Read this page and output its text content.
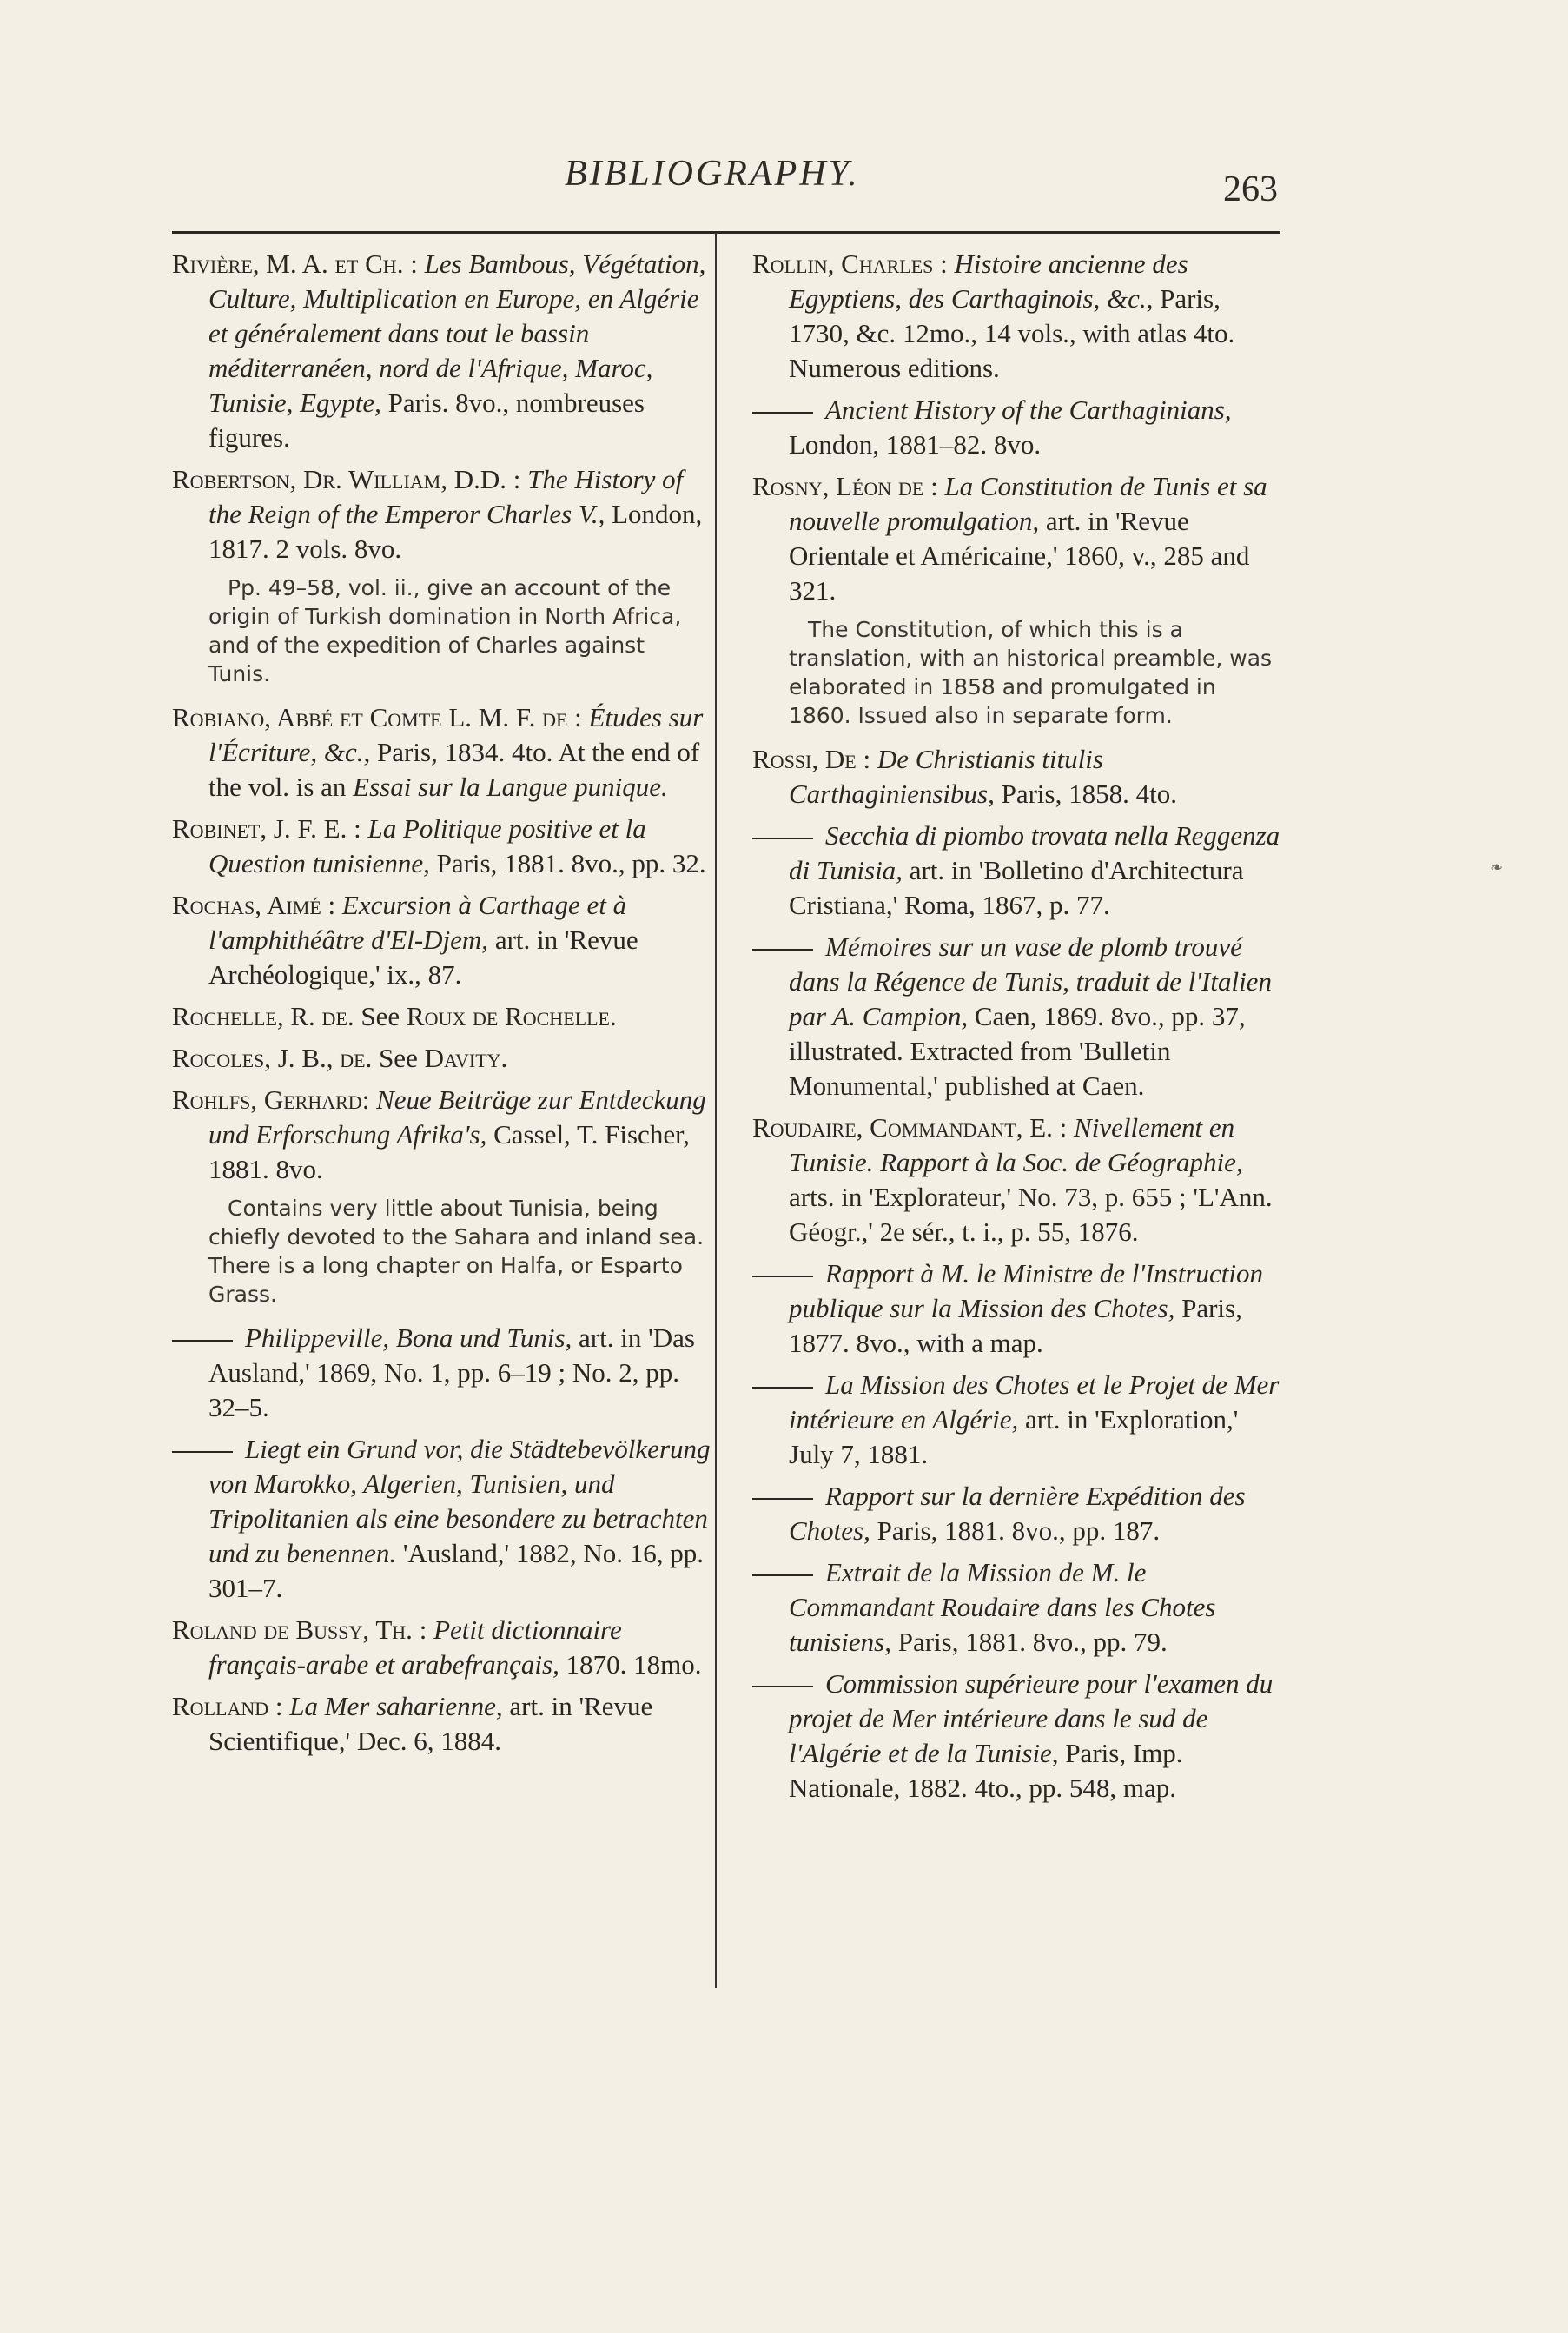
BIBLIOGRAPHY.	263

Rivière, M. A. et Ch. : Les Bambous, Végétation, Culture, Multiplication en Europe, en Algérie et généralement dans tout le bassin méditerranéen, nord de l'Afrique, Maroc, Tunisie, Egypte, Paris. 8vo., nombreuses figures.

Robertson, Dr. William, D.D. : The History of the Reign of the Emperor Charles V., London, 1817. 2 vols. 8vo.

Pp. 49–58, vol. ii., give an account of the origin of Turkish domination in North Africa, and of the expedition of Charles against Tunis.

Robiano, Abbé et Comte L. M. F. de : Études sur l'Écriture, &c., Paris, 1834. 4to. At the end of the vol. is an Essai sur la Langue punique.

Robinet, J. F. E. : La Politique positive et la Question tunisienne, Paris, 1881. 8vo., pp. 32.

Rochas, Aimé : Excursion à Carthage et à l'amphithéâtre d'El-Djem, art. in 'Revue Archéologique,' ix., 87.

Rochelle, R. de. See Roux de Rochelle.

Rocoles, J. B., de. See Davity.

Rohlfs, Gerhard: Neue Beiträge zur Entdeckung und Erforschung Afrika's, Cassel, T. Fischer, 1881. 8vo.

Contains very little about Tunisia, being chiefly devoted to the Sahara and inland sea. There is a long chapter on Halfa, or Esparto Grass.

Philippeville, Bona und Tunis, art. in 'Das Ausland,' 1869, No. 1, pp. 6–19 ; No. 2, pp. 32–5.

Liegt ein Grund vor, die Städtebevölkerung von Marokko, Algerien, Tunisien, und Tripolitanien als eine besondere zu betrachten und zu benennen. 'Ausland,' 1882, No. 16, pp. 301–7.

Roland de Bussy, Th. : Petit dictionnaire français-arabe et arabefrançais, 1870. 18mo.

Rolland : La Mer saharienne, art. in 'Revue Scientifique,' Dec. 6, 1884.

Rollin, Charles : Histoire ancienne des Egyptiens, des Carthaginois, &c., Paris, 1730, &c. 12mo., 14 vols., with atlas 4to. Numerous editions.

Ancient History of the Carthaginians, London, 1881–82. 8vo.

Rosny, Léon de : La Constitution de Tunis et sa nouvelle promulgation, art. in 'Revue Orientale et Américaine,' 1860, v., 285 and 321.

The Constitution, of which this is a translation, with an historical preamble, was elaborated in 1858 and promulgated in 1860. Issued also in separate form.

Rossi, De : De Christianis titulis Carthaginiensibus, Paris, 1858. 4to.

Secchia di piombo trovata nella Reggenza di Tunisia, art. in 'Bolletino d'Architectura Cristiana,' Roma, 1867, p. 77.

Mémoires sur un vase de plomb trouvé dans la Régence de Tunis, traduit de l'Italien par A. Campion, Caen, 1869. 8vo., pp. 37, illustrated. Extracted from 'Bulletin Monumental,' published at Caen.

Roudaire, Commandant, E. : Nivellement en Tunisie. Rapport à la Soc. de Géographie, arts. in 'Explorateur,' No. 73, p. 655 ; 'L'Ann. Géogr.,' 2e sér., t. i., p. 55, 1876.

Rapport à M. le Ministre de l'Instruction publique sur la Mission des Chotes, Paris, 1877. 8vo., with a map.

La Mission des Chotes et le Projet de Mer intérieure en Algérie, art. in 'Exploration,' July 7, 1881.

Rapport sur la dernière Expédition des Chotes, Paris, 1881. 8vo., pp. 187.

Extrait de la Mission de M. le Commandant Roudaire dans les Chotes tunisiens, Paris, 1881. 8vo., pp. 79.

Commission supérieure pour l'examen du projet de Mer intérieure dans le sud de l'Algérie et de la Tunisie, Paris, Imp. Nationale, 1882. 4to., pp. 548, map.

❧
